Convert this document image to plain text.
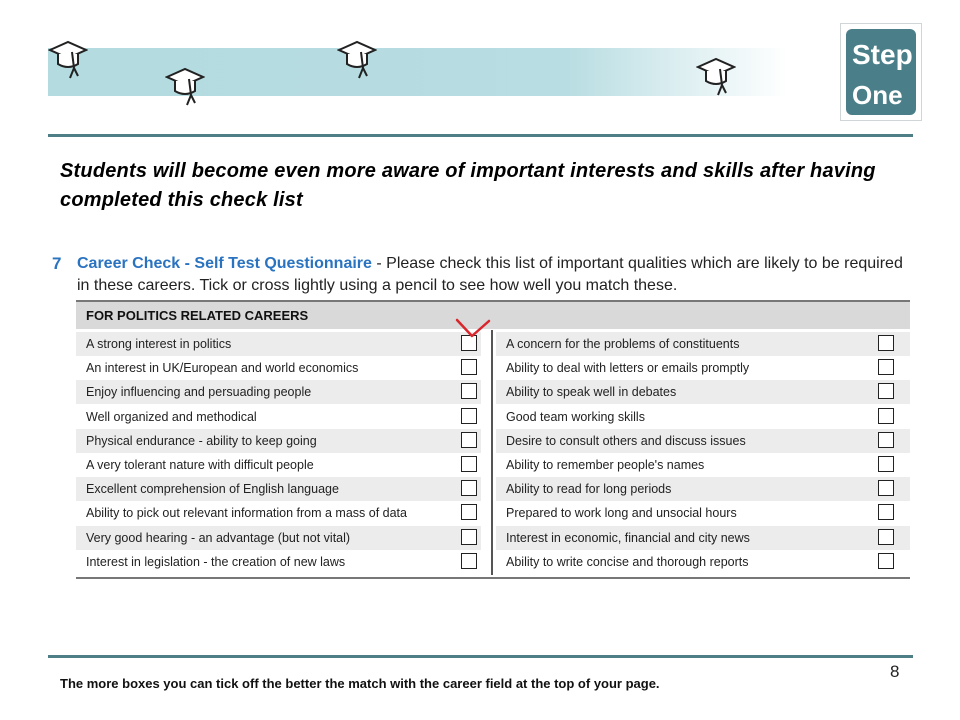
Step
One
Students will become even more aware of important interests and skills after having completed this check list
7 Career Check - Self Test Questionnaire - Please check this list of important qualities which are likely to be required in these careers. Tick or cross lightly using a pencil to see how well you match these.
FOR POLITICS RELATED CAREERS
A strong interest in politics	A concern for the problems of constituents
An interest in UK/European and world economics	Ability to deal with letters or emails promptly
Enjoy influencing and persuading people	Ability to speak well in debates
Well organized and methodical	Good team working skills
Physical endurance - ability to keep going	Desire to consult others and discuss issues
A very tolerant nature with difficult people	Ability to remember people's names
Excellent comprehension of English language	Ability to read for long periods
Ability to pick out relevant information from a mass of data	Prepared to work long and unsocial hours
Very good hearing - an advantage (but not vital)	Interest in economic, financial and city news
Interest in legislation - the creation of new laws	Ability to write concise and thorough reports
The more boxes you can tick off the better the match with the career field at the top of your page.
8
